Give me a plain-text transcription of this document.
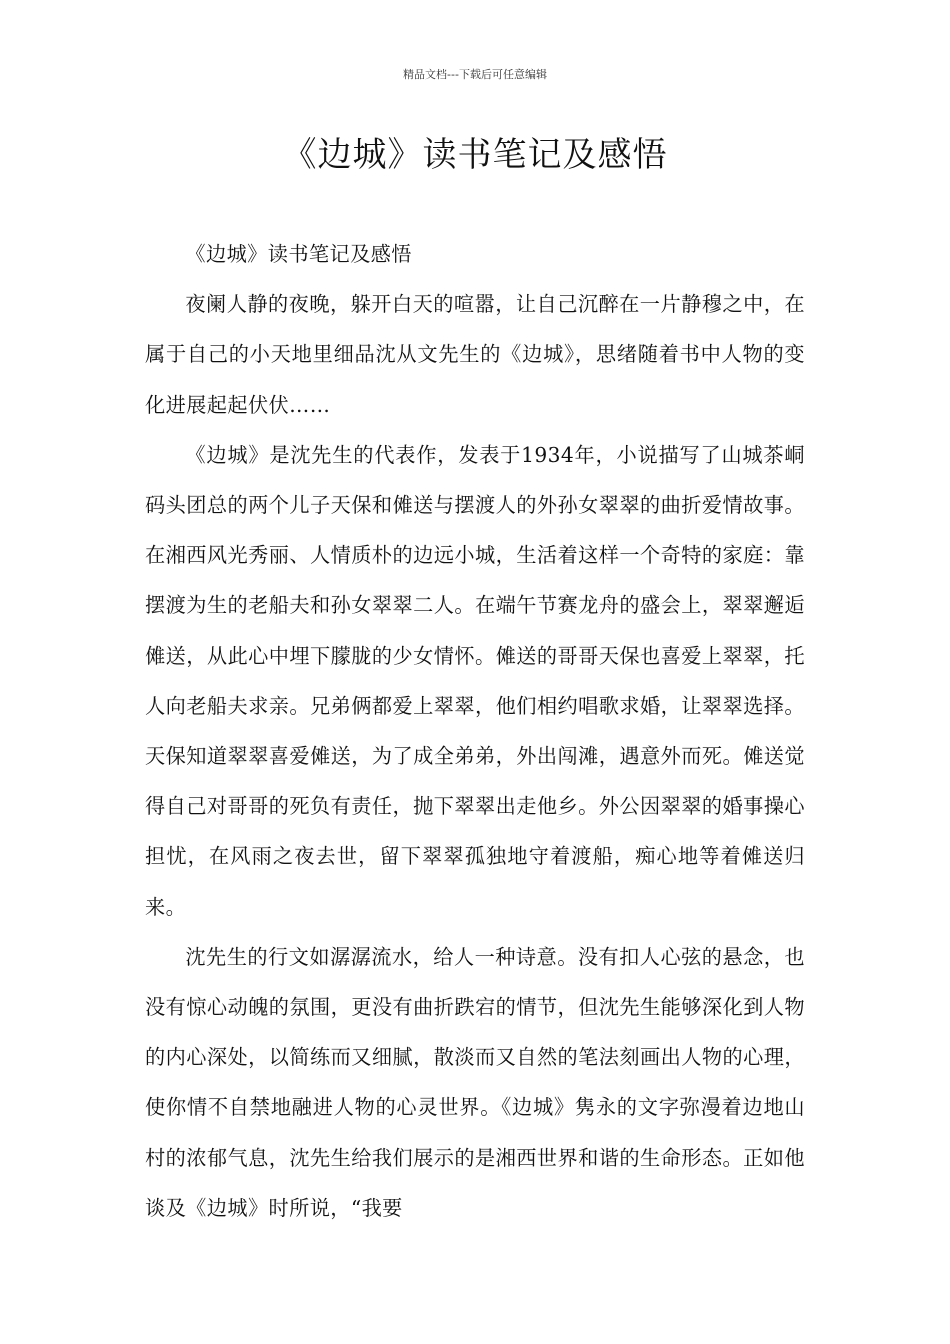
精品文档---下载后可任意编辑
《边城》读书笔记及感悟

《边城》读书笔记及感悟

夜阑人静的夜晚，躲开白天的喧嚣，让自己沉醉在一片静穆之中，在属于自己的小天地里细品沈从文先生的《边城》，思绪随着书中人物的变化进展起起伏伏……

《边城》是沈先生的代表作，发表于1934年，小说描写了山城茶峒码头团总的两个儿子天保和傩送与摆渡人的外孙女翠翠的曲折爱情故事。在湘西风光秀丽、人情质朴的边远小城，生活着这样一个奇特的家庭：靠摆渡为生的老船夫和孙女翠翠二人。在端午节赛龙舟的盛会上，翠翠邂逅傩送，从此心中埋下朦胧的少女情怀。傩送的哥哥天保也喜爱上翠翠，托人向老船夫求亲。兄弟俩都爱上翠翠，他们相约唱歌求婚，让翠翠选择。天保知道翠翠喜爱傩送，为了成全弟弟，外出闯滩，遇意外而死。傩送觉得自己对哥哥的死负有责任，抛下翠翠出走他乡。外公因翠翠的婚事操心担忧，在风雨之夜去世，留下翠翠孤独地守着渡船，痴心地等着傩送归来。

沈先生的行文如潺潺流水，给人一种诗意。没有扣人心弦的悬念，也没有惊心动魄的氛围，更没有曲折跌宕的情节，但沈先生能够深化到人物的内心深处，以简练而又细腻，散淡而又自然的笔法刻画出人物的心理，使你情不自禁地融进人物的心灵世界。《边城》隽永的文字弥漫着边地山村的浓郁气息，沈先生给我们展示的是湘西世界和谐的生命形态。正如他谈及《边城》时所说，“我要
